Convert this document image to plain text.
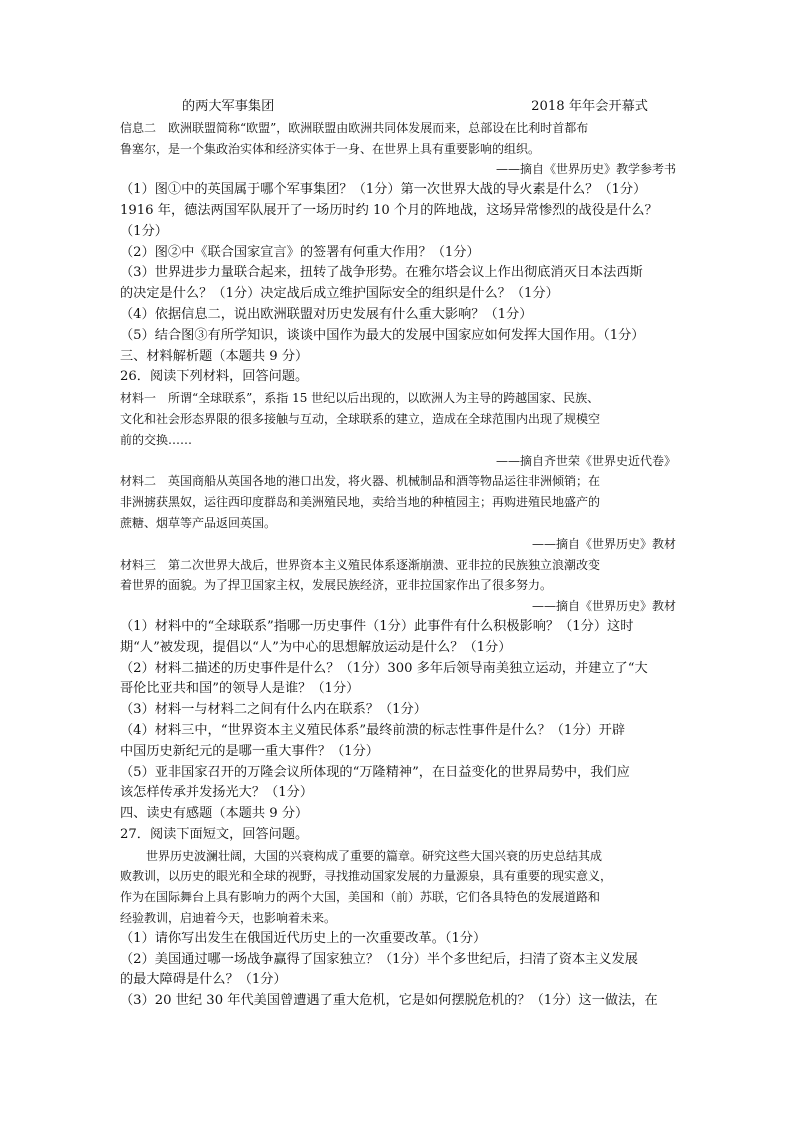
的两大军事集团	2018 年年会开幕式
信息二　欧洲联盟简称“欧盟”，欧洲联盟由欧洲共同体发展而来，总部设在比利时首都布
鲁塞尔，是一个集政治实体和经济实体于一身、在世界上具有重要影响的组织。
——摘自《世界历史》教学参考书
（1）图①中的英国属于哪个军事集团？（1分）第一次世界大战的导火素是什么？（1分）
1916 年，德法两国军队展开了一场历时约 10 个月的阵地战，这场异常惨烈的战役是什么？
（1分）
（2）图②中《联合国家宣言》的签署有何重大作用？（1分）
（3）世界进步力量联合起来，扭转了战争形势。在雅尔塔会议上作出彻底消灭日本法西斯
的决定是什么？（1分）决定战后成立维护国际安全的组织是什么？（1分）
（4）依据信息二，说出欧洲联盟对历史发展有什么重大影响？（1分）
（5）结合图③有所学知识，谈谈中国作为最大的发展中国家应如何发挥大国作用。（1分）
三、材料解析题（本题共 9 分）
26．阅读下列材料，回答问题。
材料一　所谓“全球联系”，系指 15 世纪以后出现的，以欧洲人为主导的跨越国家、民族、
文化和社会形态界限的很多接触与互动，全球联系的建立，造成在全球范围内出现了规模空
前的交换……
——摘自齐世荣《世界史近代卷》
材料二　英国商船从英国各地的港口出发，将火器、机械制品和酒等物品运往非洲倾销；在
非洲掳获黑奴，运往西印度群岛和美洲殖民地，卖给当地的种植园主；再购进殖民地盛产的
蔗糖、烟草等产品返回英国。
——摘自《世界历史》教材
材料三　第二次世界大战后，世界资本主义殖民体系逐渐崩溃、亚非拉的民族独立浪潮改变
着世界的面貌。为了捍卫国家主权，发展民族经济，亚非拉国家作出了很多努力。
——摘自《世界历史》教材
（1）材料中的“全球联系”指哪一历史事件（1分）此事件有什么积极影响？（1分）这时
期“人”被发现，提倡以“人”为中心的思想解放运动是什么？（1分）
（2）材料二描述的历史事件是什么？（1分）300 多年后领导南美独立运动，并建立了“大
哥伦比亚共和国”的领导人是谁？（1分）
（3）材料一与材料二之间有什么内在联系？（1分）
（4）材料三中，“世界资本主义殖民体系”最终前溃的标志性事件是什么？（1分）开辟
中国历史新纪元的是哪一重大事件？（1分）
（5）亚非国家召开的万隆会议所体现的“万隆精神”，在日益变化的世界局势中，我们应
该怎样传承并发扬光大？（1分）
四、读史有感题（本题共 9 分）
27．阅读下面短文，回答问题。
世界历史波澜壮阔，大国的兴衰构成了重要的篇章。研究这些大国兴衰的历史总结其成
败教训，以历史的眼光和全球的视野，寻找推动国家发展的力量源泉，具有重要的现实意义，
作为在国际舞台上具有影响力的两个大国，美国和（前）苏联，它们各具特色的发展道路和
经验教训，启迪着今天，也影响着未来。
（1）请你写出发生在俄国近代历史上的一次重要改革。（1分）
（2）美国通过哪一场战争赢得了国家独立？（1分）半个多世纪后，扫清了资本主义发展
的最大障碍是什么？（1分）
（3）20 世纪 30 年代美国曾遭遇了重大危机，它是如何摆脱危机的？（1分）这一做法，在
